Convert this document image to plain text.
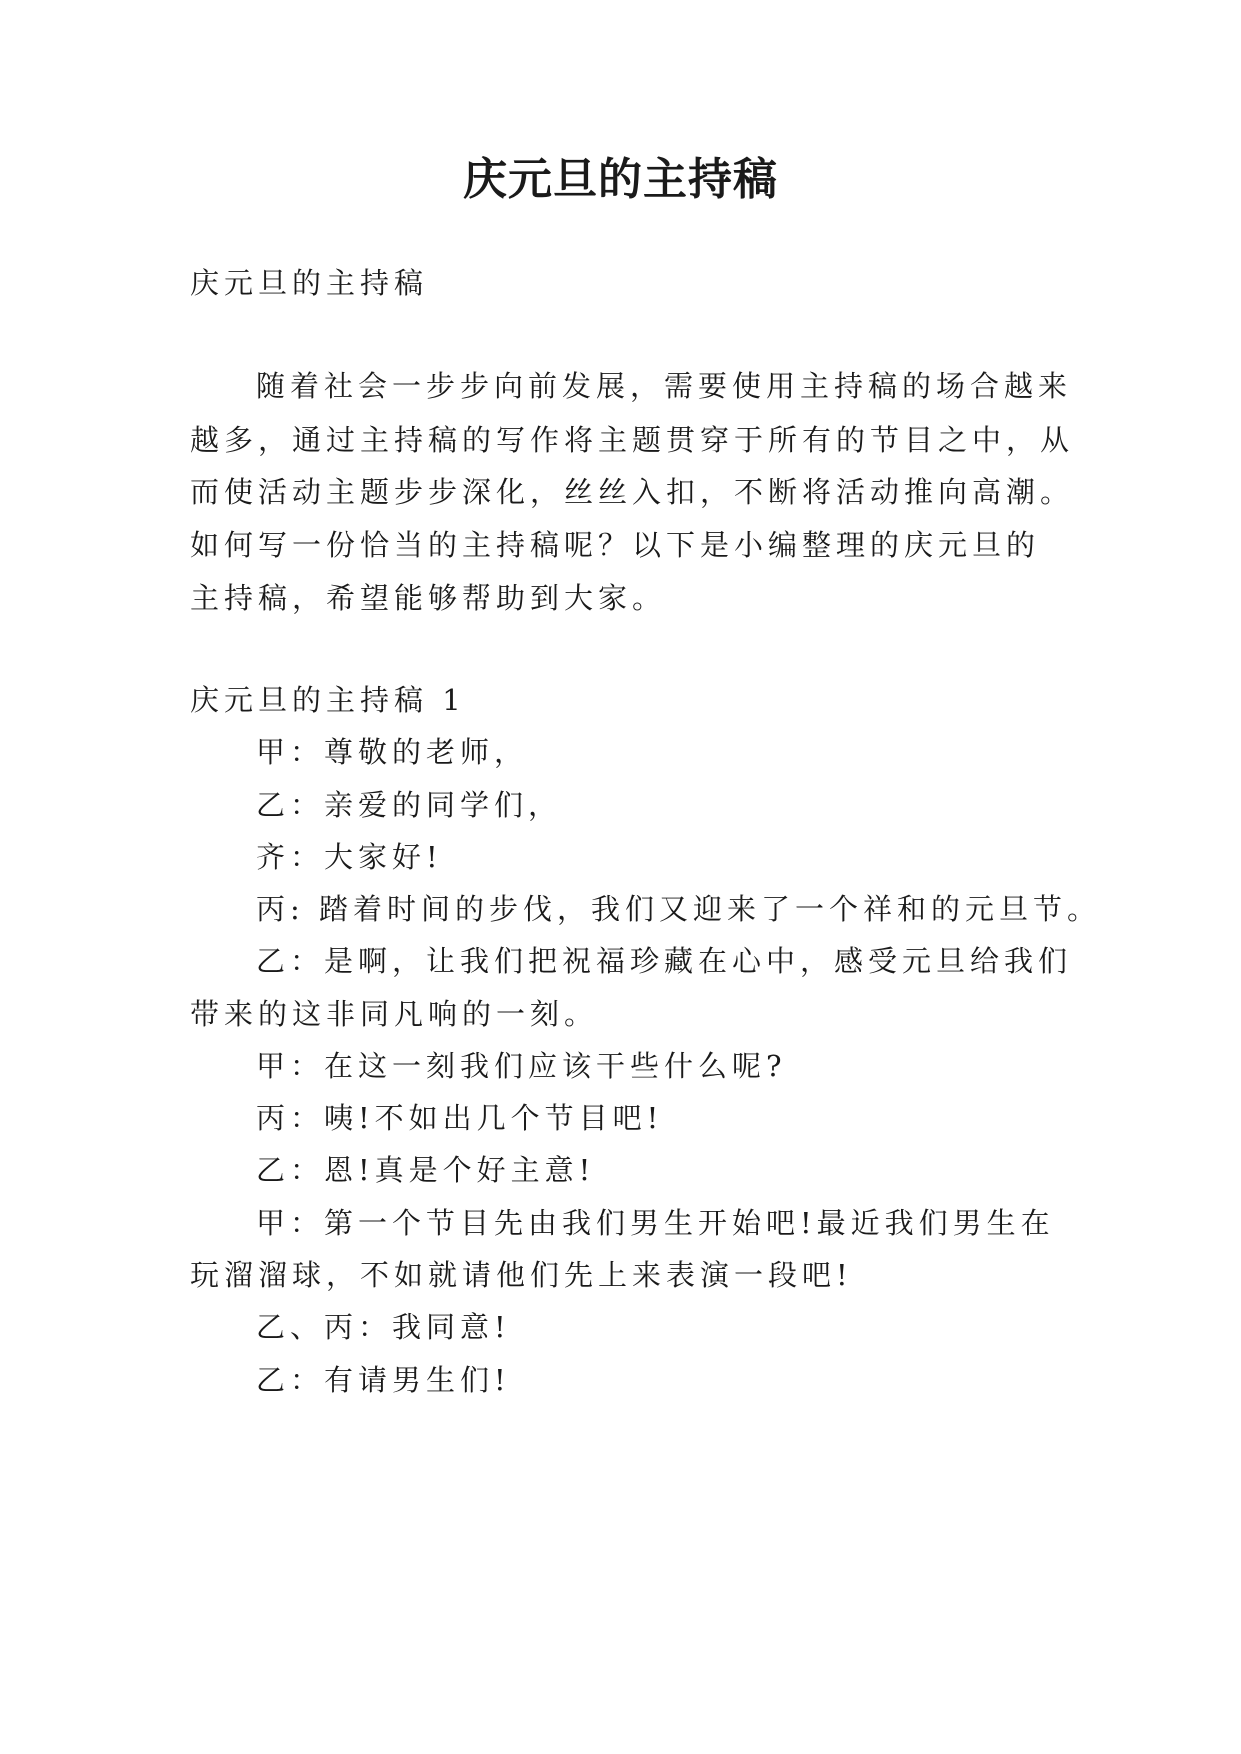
庆元旦的主持稿

庆元旦的主持稿

随着社会一步步向前发展，需要使用主持稿的场合越来

越多，通过主持稿的写作将主题贯穿于所有的节目之中，从

而使活动主题步步深化，丝丝入扣，不断将活动推向高潮。

如何写一份恰当的主持稿呢？以下是小编整理的庆元旦的

主持稿，希望能够帮助到大家。

庆元旦的主持稿 1

甲：尊敬的老师，

乙：亲爱的同学们，

齐：大家好!

丙: 踏着时间的步伐，我们又迎来了一个祥和的元旦节。

乙：是啊，让我们把祝福珍藏在心中，感受元旦给我们

带来的这非同凡响的一刻。

甲：在这一刻我们应该干些什么呢?

丙：咦!不如出几个节目吧!

乙：恩!真是个好主意!

甲：第一个节目先由我们男生开始吧!最近我们男生在

玩溜溜球，不如就请他们先上来表演一段吧!

乙、丙：我同意!

乙：有请男生们!
